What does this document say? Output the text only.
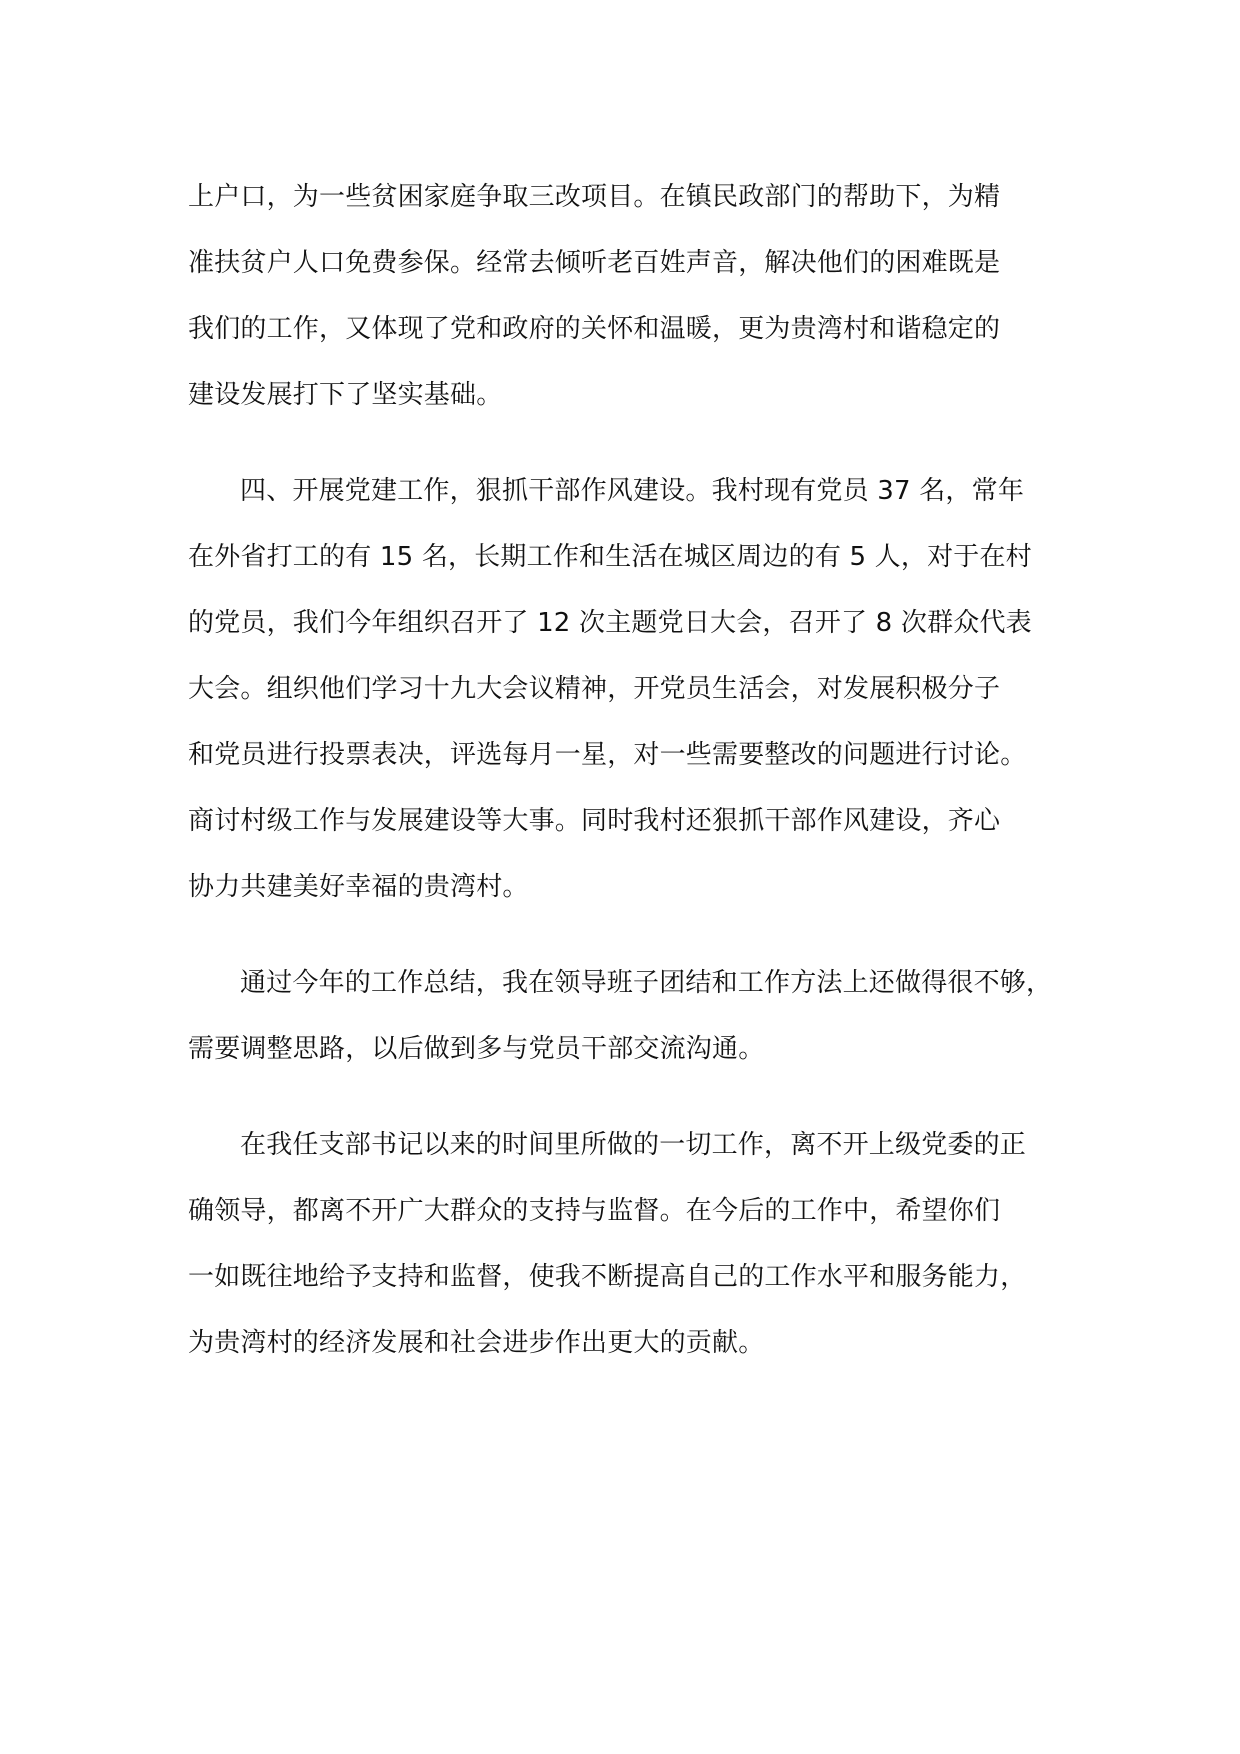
上户口，为一些贫困家庭争取三改项目。在镇民政部门的帮助下，为精
准扶贫户人口免费参保。经常去倾听老百姓声音，解决他们的困难既是
我们的工作，又体现了党和政府的关怀和温暖，更为贵湾村和谐稳定的
建设发展打下了坚实基础。
四、开展党建工作，狠抓干部作风建设。我村现有党员 37 名，常年
在外省打工的有 15 名，长期工作和生活在城区周边的有 5 人，对于在村
的党员，我们今年组织召开了 12 次主题党日大会，召开了 8 次群众代表
大会。组织他们学习十九大会议精神，开党员生活会，对发展积极分子
和党员进行投票表决，评选每月一星，对一些需要整改的问题进行讨论。
商讨村级工作与发展建设等大事。同时我村还狠抓干部作风建设，齐心
协力共建美好幸福的贵湾村。
通过今年的工作总结，我在领导班子团结和工作方法上还做得很不够，
需要调整思路，以后做到多与党员干部交流沟通。
在我任支部书记以来的时间里所做的一切工作，离不开上级党委的正
确领导，都离不开广大群众的支持与监督。在今后的工作中，希望你们
一如既往地给予支持和监督，使我不断提高自己的工作水平和服务能力，
为贵湾村的经济发展和社会进步作出更大的贡献。
